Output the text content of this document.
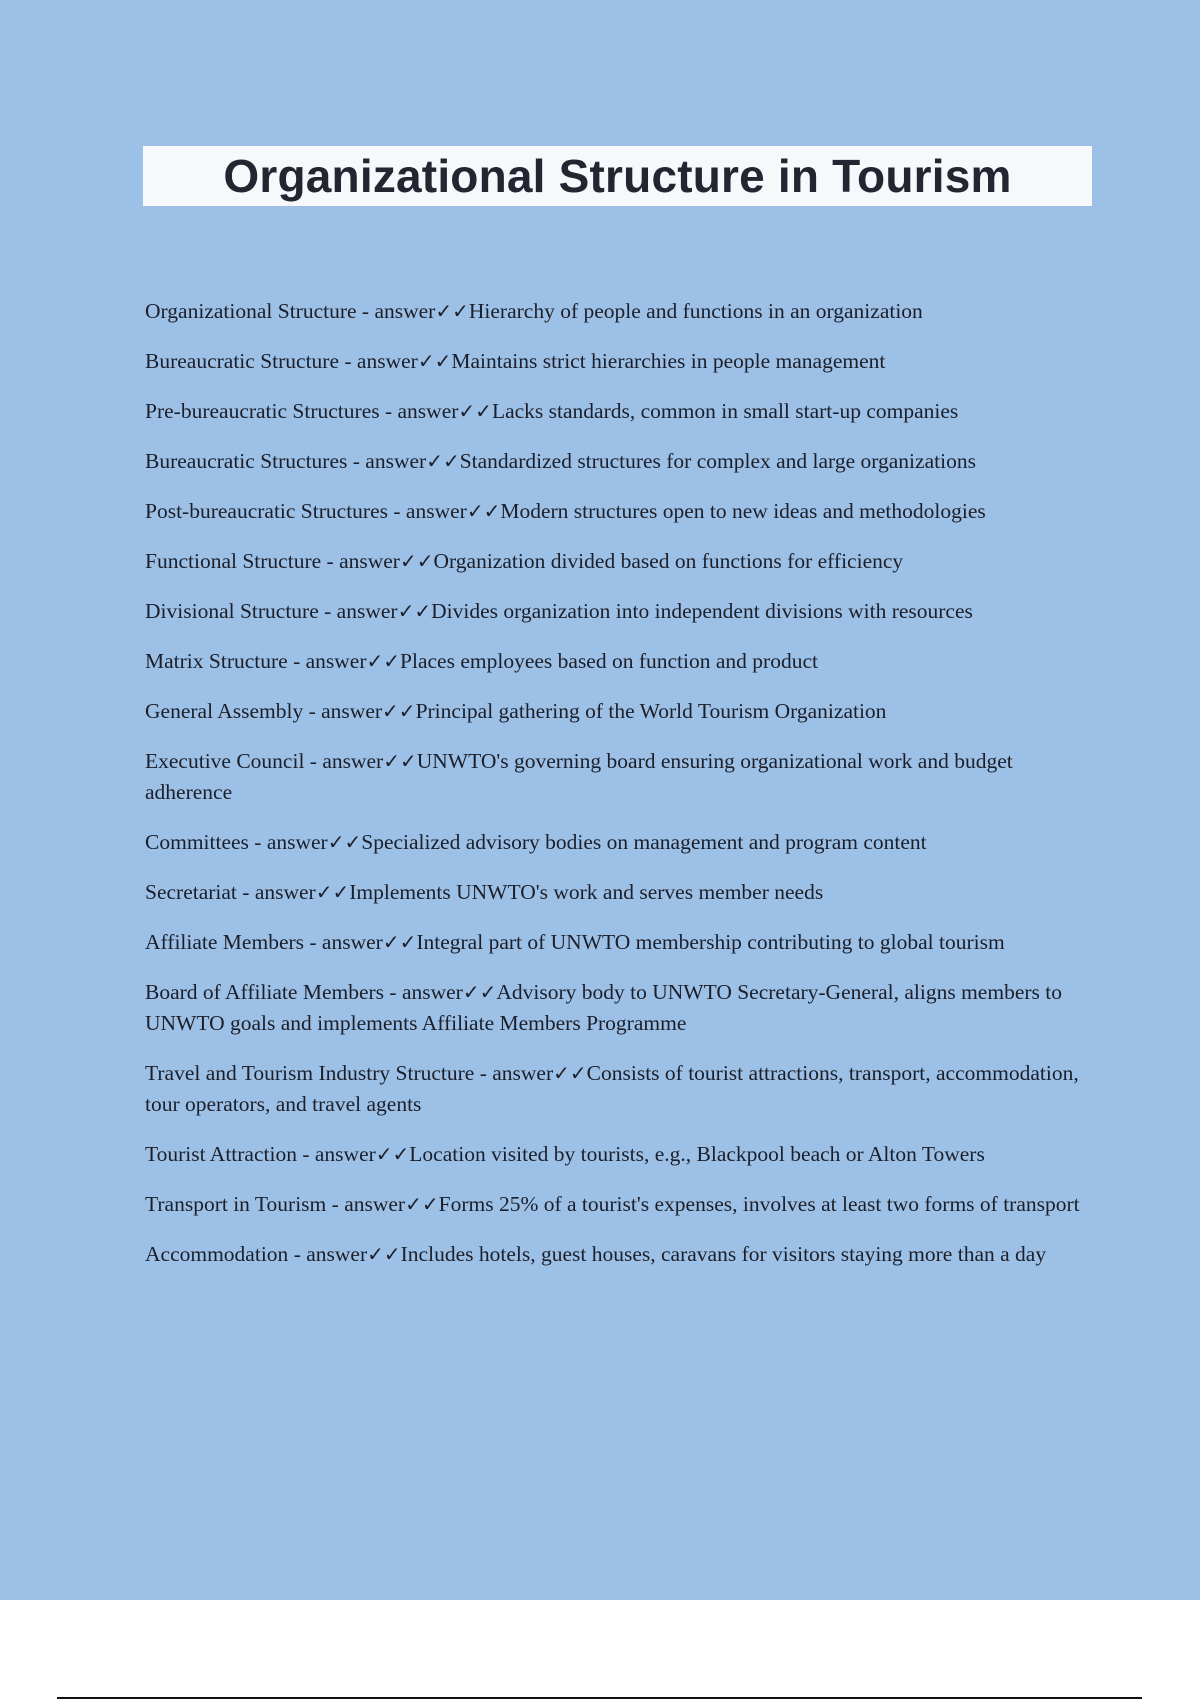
Organizational Structure in Tourism

Organizational Structure - answer✓✓Hierarchy of people and functions in an organization

Bureaucratic Structure - answer✓✓Maintains strict hierarchies in people management

Pre-bureaucratic Structures - answer✓✓Lacks standards, common in small start-up companies

Bureaucratic Structures - answer✓✓Standardized structures for complex and large organizations

Post-bureaucratic Structures - answer✓✓Modern structures open to new ideas and methodologies

Functional Structure - answer✓✓Organization divided based on functions for efficiency

Divisional Structure - answer✓✓Divides organization into independent divisions with resources

Matrix Structure - answer✓✓Places employees based on function and product

General Assembly - answer✓✓Principal gathering of the World Tourism Organization

Executive Council - answer✓✓UNWTO's governing board ensuring organizational work and budget adherence

Committees - answer✓✓Specialized advisory bodies on management and program content

Secretariat - answer✓✓Implements UNWTO's work and serves member needs

Affiliate Members - answer✓✓Integral part of UNWTO membership contributing to global tourism

Board of Affiliate Members - answer✓✓Advisory body to UNWTO Secretary-General, aligns members to UNWTO goals and implements Affiliate Members Programme

Travel and Tourism Industry Structure - answer✓✓Consists of tourist attractions, transport, accommodation, tour operators, and travel agents

Tourist Attraction - answer✓✓Location visited by tourists, e.g., Blackpool beach or Alton Towers

Transport in Tourism - answer✓✓Forms 25% of a tourist's expenses, involves at least two forms of transport

Accommodation - answer✓✓Includes hotels, guest houses, caravans for visitors staying more than a day
